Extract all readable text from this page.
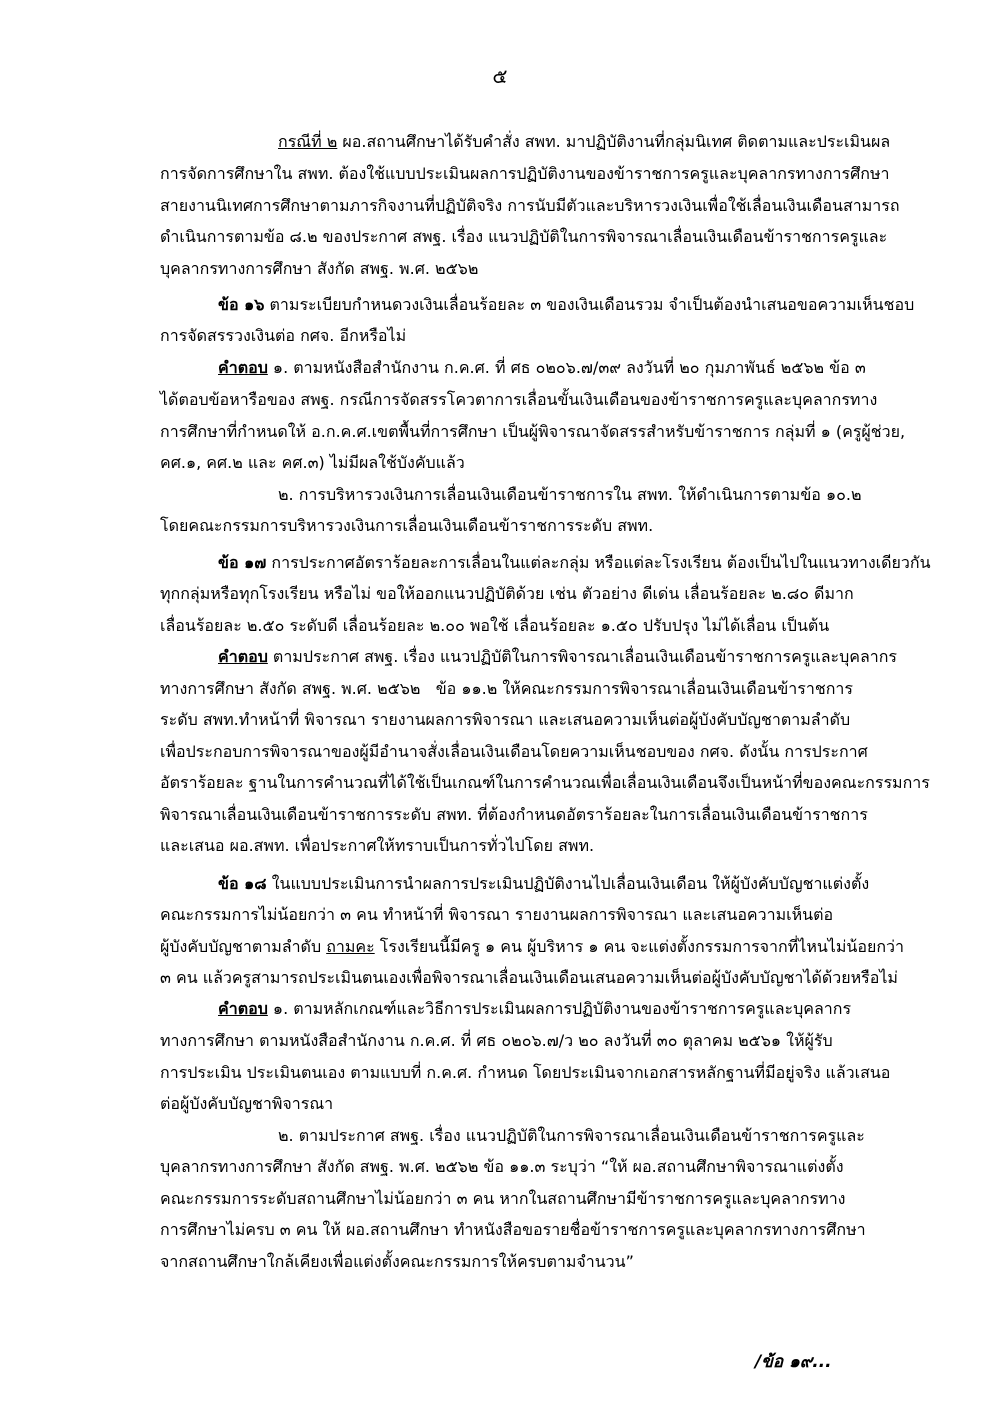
๕
กรณีที่ ๒ ผอ.สถานศึกษาได้รับคำสั่ง สพท. มาปฏิบัติงานที่กลุ่มนิเทศ ติดตามและประเมินผล
การจัดการศึกษาใน สพท. ต้องใช้แบบประเมินผลการปฏิบัติงานของข้าราชการครูและบุคลากรทางการศึกษา
สายงานนิเทศการศึกษาตามภารกิจงานที่ปฏิบัติจริง การนับมีตัวและบริหารวงเงินเพื่อใช้เลื่อนเงินเดือนสามารถ
ดำเนินการตามข้อ ๘.๒ ของประกาศ สพฐ. เรื่อง แนวปฏิบัติในการพิจารณาเลื่อนเงินเดือนข้าราชการครูและ
บุคลากรทางการศึกษา สังกัด สพฐ. พ.ศ. ๒๕๖๒
ข้อ ๑๖ ตามระเบียบกำหนดวงเงินเลื่อนร้อยละ ๓ ของเงินเดือนรวม จำเป็นต้องนำเสนอขอความเห็นชอบ
การจัดสรรวงเงินต่อ กศจ. อีกหรือไม่
คำตอบ ๑. ตามหนังสือสำนักงาน ก.ค.ศ. ที่ ศธ ๐๒๐๖.๗/๓๙ ลงวันที่ ๒๐ กุมภาพันธ์ ๒๕๖๒ ข้อ ๓
ได้ตอบข้อหารือของ สพฐ. กรณีการจัดสรรโควตาการเลื่อนขั้นเงินเดือนของข้าราชการครูและบุคลากรทาง
การศึกษาที่กำหนดให้ อ.ก.ค.ศ.เขตพื้นที่การศึกษา เป็นผู้พิจารณาจัดสรรสำหรับข้าราชการ กลุ่มที่ ๑ (ครูผู้ช่วย,
คศ.๑, คศ.๒ และ คศ.๓) ไม่มีผลใช้บังคับแล้ว
๒. การบริหารวงเงินการเลื่อนเงินเดือนข้าราชการใน สพท. ให้ดำเนินการตามข้อ ๑๐.๒
โดยคณะกรรมการบริหารวงเงินการเลื่อนเงินเดือนข้าราชการระดับ สพท.
ข้อ ๑๗ การประกาศอัตราร้อยละการเลื่อนในแต่ละกลุ่ม หรือแต่ละโรงเรียน ต้องเป็นไปในแนวทางเดียวกัน
ทุกกลุ่มหรือทุกโรงเรียน หรือไม่ ขอให้ออกแนวปฏิบัติด้วย เช่น ตัวอย่าง ดีเด่น เลื่อนร้อยละ ๒.๘๐ ดีมาก
เลื่อนร้อยละ ๒.๕๐ ระดับดี เลื่อนร้อยละ ๒.๐๐ พอใช้ เลื่อนร้อยละ ๑.๕๐ ปรับปรุง ไม่ได้เลื่อน เป็นต้น
คำตอบ ตามประกาศ สพฐ. เรื่อง แนวปฏิบัติในการพิจารณาเลื่อนเงินเดือนข้าราชการครูและบุคลากร
ทางการศึกษา สังกัด สพฐ. พ.ศ. ๒๕๖๒   ข้อ ๑๑.๒ ให้คณะกรรมการพิจารณาเลื่อนเงินเดือนข้าราชการ
ระดับ สพท.ทำหน้าที่ พิจารณา รายงานผลการพิจารณา และเสนอความเห็นต่อผู้บังคับบัญชาตามลำดับ
เพื่อประกอบการพิจารณาของผู้มีอำนาจสั่งเลื่อนเงินเดือนโดยความเห็นชอบของ กศจ. ดังนั้น การประกาศ
อัตราร้อยละ ฐานในการคำนวณที่ได้ใช้เป็นเกณฑ์ในการคำนวณเพื่อเลื่อนเงินเดือนจึงเป็นหน้าที่ของคณะกรรมการ
พิจารณาเลื่อนเงินเดือนข้าราชการระดับ สพท. ที่ต้องกำหนดอัตราร้อยละในการเลื่อนเงินเดือนข้าราชการ
และเสนอ ผอ.สพท. เพื่อประกาศให้ทราบเป็นการทั่วไปโดย สพท.
ข้อ ๑๘ ในแบบประเมินการนำผลการประเมินปฏิบัติงานไปเลื่อนเงินเดือน ให้ผู้บังคับบัญชาแต่งตั้ง
คณะกรรมการไม่น้อยกว่า ๓ คน ทำหน้าที่ พิจารณา รายงานผลการพิจารณา และเสนอความเห็นต่อ
ผู้บังคับบัญชาตามลำดับ ถามคะ โรงเรียนนี้มีครู ๑ คน ผู้บริหาร ๑ คน จะแต่งตั้งกรรมการจากที่ไหนไม่น้อยกว่า
๓ คน แล้วครูสามารถประเมินตนเองเพื่อพิจารณาเลื่อนเงินเดือนเสนอความเห็นต่อผู้บังคับบัญชาได้ด้วยหรือไม่
คำตอบ ๑. ตามหลักเกณฑ์และวิธีการประเมินผลการปฏิบัติงานของข้าราชการครูและบุคลากร
ทางการศึกษา ตามหนังสือสำนักงาน ก.ค.ศ. ที่ ศธ ๐๒๐๖.๗/ว ๒๐ ลงวันที่ ๓๐ ตุลาคม ๒๕๖๑ ให้ผู้รับ
การประเมิน ประเมินตนเอง ตามแบบที่ ก.ค.ศ. กำหนด โดยประเมินจากเอกสารหลักฐานที่มีอยู่จริง แล้วเสนอ
ต่อผู้บังคับบัญชาพิจารณา
๒. ตามประกาศ สพฐ. เรื่อง แนวปฏิบัติในการพิจารณาเลื่อนเงินเดือนข้าราชการครูและ
บุคลากรทางการศึกษา สังกัด สพฐ. พ.ศ. ๒๕๖๒ ข้อ ๑๑.๓ ระบุว่า “ให้ ผอ.สถานศึกษาพิจารณาแต่งตั้ง
คณะกรรมการระดับสถานศึกษาไม่น้อยกว่า ๓ คน หากในสถานศึกษามีข้าราชการครูและบุคลากรทาง
การศึกษาไม่ครบ ๓ คน ให้ ผอ.สถานศึกษา ทำหนังสือขอรายชื่อข้าราชการครูและบุคลากรทางการศึกษา
จากสถานศึกษาใกล้เคียงเพื่อแต่งตั้งคณะกรรมการให้ครบตามจำนวน”
/ข้อ ๑๙...
